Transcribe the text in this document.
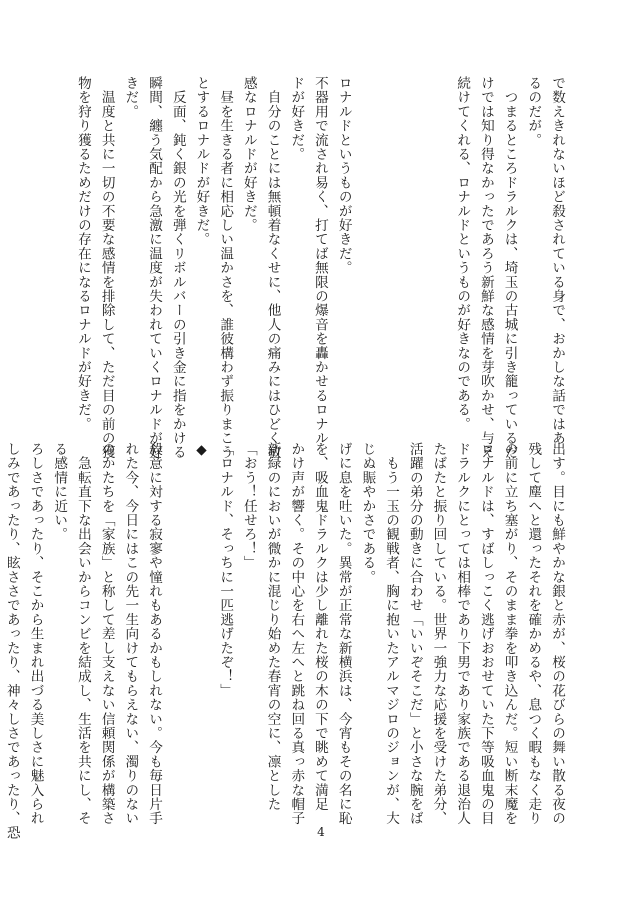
で数えきれないほど殺されている身で、おかしな話ではあ
るのだが。
　つまるところドラルクは、埼玉の古城に引き籠っているだ
けでは知り得なかったであろう新鮮な感情を芽吹かせ、与え
続けてくれる、ロナルドというものが好きなのである。

ロナルドというものが好きだ。
不器用で流され易く、打てば無限の爆音を轟かせるロナル
ドが好きだ。
　自分のことには無頓着なくせに、他人の痛みにはひどく敏
感なロナルドが好きだ。
　昼を生きる者に相応しい温かさを、誰彼構わず振りまこう
とするロナルドが好きだ。
　反面、鈍く銀の光を弾くリボルバーの引き金に指をかける
瞬間、纏う気配から急激に温度が失われていくロナルドが好
きだ。
　温度と共に一切の不要な感情を排除して、ただ目の前の獲
物を狩り獲るためだけの存在になるロナルドが好きだ。
出す。目にも鮮やかな銀と赤が、桜の花びらの舞い散る夜の
残して塵へと還ったそれを確かめるや、息つく暇もなく走り
の前に立ち塞がり、そのまま拳を叩き込んだ。短い断末魔を
ロナルドは、すばしっこく逃げおおせていた下等吸血鬼の目
ドラルクにとっては相棒であり下男であり家族である退治人
たばたと振り回している。世界一強力な応援を受けた弟分、
活躍の弟分の動きに合わせ「いいぞそこだ」と小さな腕をば
　もう一玉の観戦者、胸に抱いたアルマジロのジョンが、大
じぬ賑やかさである。
げに息を吐いた。異常が正常な新横浜は、今宵もその名に恥
を、吸血鬼ドラルクは少し離れた桜の木の下で眺めて満足
かけ声が響く。その中心を右へ左へと跳ね回る真っ赤な帽子
新緑のにおいが微かに混じり始めた春宵の空に、凛とした
「おう！任せろ！」
「ロナルド、そっちに一匹逃げたぞ！」
◆

殺意に対する寂寥や憧れもあるかもしれない。今も毎日片手
れた今、今日にはこの先一生向けてもらえない、濁りのない
のかたちを「家族」と称して差し支えない信頼関係が構築さ
　急転直下な出会いからコンビを結成し、生活を共にし、そ
る感情に近い。
ろしさであったり、そこから生まれ出づる美しさに魅入られ
しみであったり、眩ささであったり、神々しさであったり、恐	4
